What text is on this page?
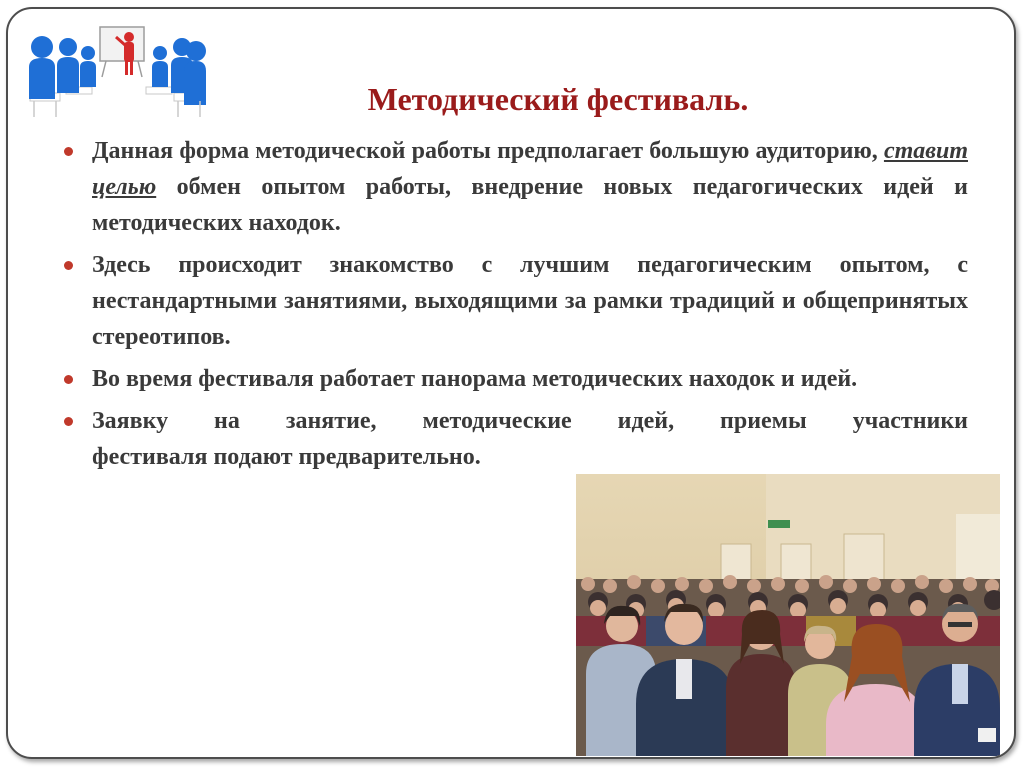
Методический фестиваль.
Данная форма методической работы предполагает большую аудиторию, ставит целью обмен опытом работы, внедрение новых педагогических идей и методических находок.
Здесь происходит знакомство с лучшим педагогическим опытом, с нестандартными занятиями, выходящими за рамки традиций и общепринятых стереотипов.
Во время фестиваля работает панорама методических находок и идей.
Заявку на занятие, методические идей, приемы участники
фестиваля подают предварительно.
